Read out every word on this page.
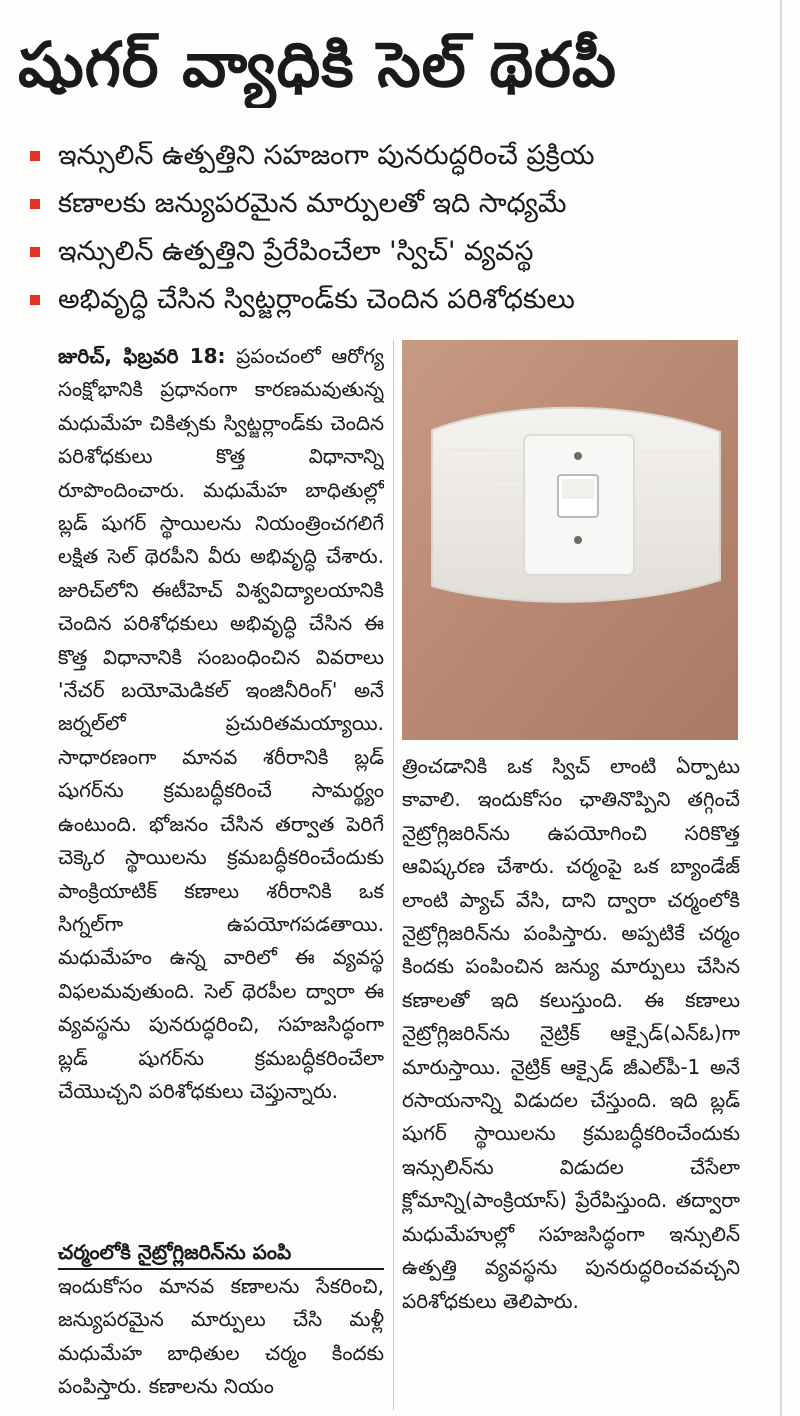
షుగర్ వ్యాధికి సెల్ థెరపీ
ఇన్సులిన్ ఉత్పత్తిని సహజంగా పునరుద్ధరించే ప్రక్రియ
కణాలకు జన్యుపరమైన మార్పులతో ఇది సాధ్యమే
ఇన్సులిన్ ఉత్పత్తిని ప్రేరేపించేలా 'స్విచ్' వ్యవస్థ
అభివృద్ధి చేసిన స్విట్జర్లాండ్‌కు చెందిన పరిశోధకులు

జురిచ్, ఫిబ్రవరి 18: ప్రపంచంలో ఆరోగ్య సంక్షోభానికి ప్రధానంగా కారణమవుతున్న మధుమేహ చికిత్సకు స్విట్జర్లాండ్‌కు చెందిన పరిశోధకులు కొత్త విధానాన్ని రూపొందించారు. మధుమేహ బాధితుల్లో బ్లడ్ షుగర్ స్థాయిలను నియంత్రించగలిగే లక్షిత సెల్ థెరపీని వీరు అభివృద్ధి చేశారు. జురిచ్‌లోని ఈటీహెచ్ విశ్వవిద్యాలయానికి చెందిన పరిశోధకులు అభివృద్ధి చేసిన ఈ కొత్త విధానానికి సంబంధించిన వివరాలు 'నేచర్ బయోమెడికల్ ఇంజినీరింగ్' అనే జర్నల్‌లో ప్రచురితమయ్యాయి. సాధారణంగా మానవ శరీరానికి బ్లడ్ షుగర్‌ను క్రమబద్ధీకరించే సామర్థ్యం ఉంటుంది. భోజనం చేసిన తర్వాత పెరిగే చెక్కెర స్థాయిలను క్రమబద్ధీకరించేందుకు పాంక్రియాటిక్ కణాలు శరీరానికి ఒక సిగ్నల్‌గా ఉపయోగపడతాయి. మధుమేహం ఉన్న వారిలో ఈ వ్యవస్థ విఫలమవుతుంది. సెల్ థెరపీల ద్వారా ఈ వ్యవస్థను పునరుద్ధరించి, సహజసిద్ధంగా బ్లడ్ షుగర్‌ను క్రమబద్ధీకరించేలా చేయొచ్చని పరిశోధకులు చెప్తున్నారు.

చర్మంలోకి నైట్రోగ్లిజరిన్‌ను పంపి

ఇందుకోసం మానవ కణాలను సేకరించి, జన్యుపరమైన మార్పులు చేసి మళ్లీ మధుమేహ బాధితుల చర్మం కిందకు పంపిస్తారు. కణాలను నియం

త్రించడానికి ఒక స్విచ్ లాంటి ఏర్పాటు కావాలి. ఇందుకోసం ఛాతినొప్పిని తగ్గించే నైట్రోగ్లిజరిన్‌ను ఉపయోగించి సరికొత్త ఆవిష్కరణ చేశారు. చర్మంపై ఒక బ్యాండేజ్ లాంటి ప్యాచ్ వేసి, దాని ద్వారా చర్మంలోకి నైట్రోగ్లిజరిన్‌ను పంపిస్తారు. అప్పటికే చర్మం కిందకు పంపించిన జన్యు మార్పులు చేసిన కణాలతో ఇది కలుస్తుంది. ఈ కణాలు నైట్రోగ్లిజరిన్‌ను నైట్రిక్ ఆక్సైడ్(ఎన్ఓ)గా మారుస్తాయి. నైట్రిక్ ఆక్సైడ్ జీఎల్‌పీ-1 అనే రసాయనాన్ని విడుదల చేస్తుంది. ఇది బ్లడ్ షుగర్ స్థాయిలను క్రమబద్ధీకరించేందుకు ఇన్సులిన్‌ను విడుదల చేసేలా క్లోమాన్ని(పాంక్రియాస్) ప్రేరేపిస్తుంది. తద్వారా మధుమేహుల్లో సహజసిద్ధంగా ఇన్సులిన్ ఉత్పత్తి వ్యవస్థను పునరుద్ధరించవచ్చని పరిశోధకులు తెలిపారు.
